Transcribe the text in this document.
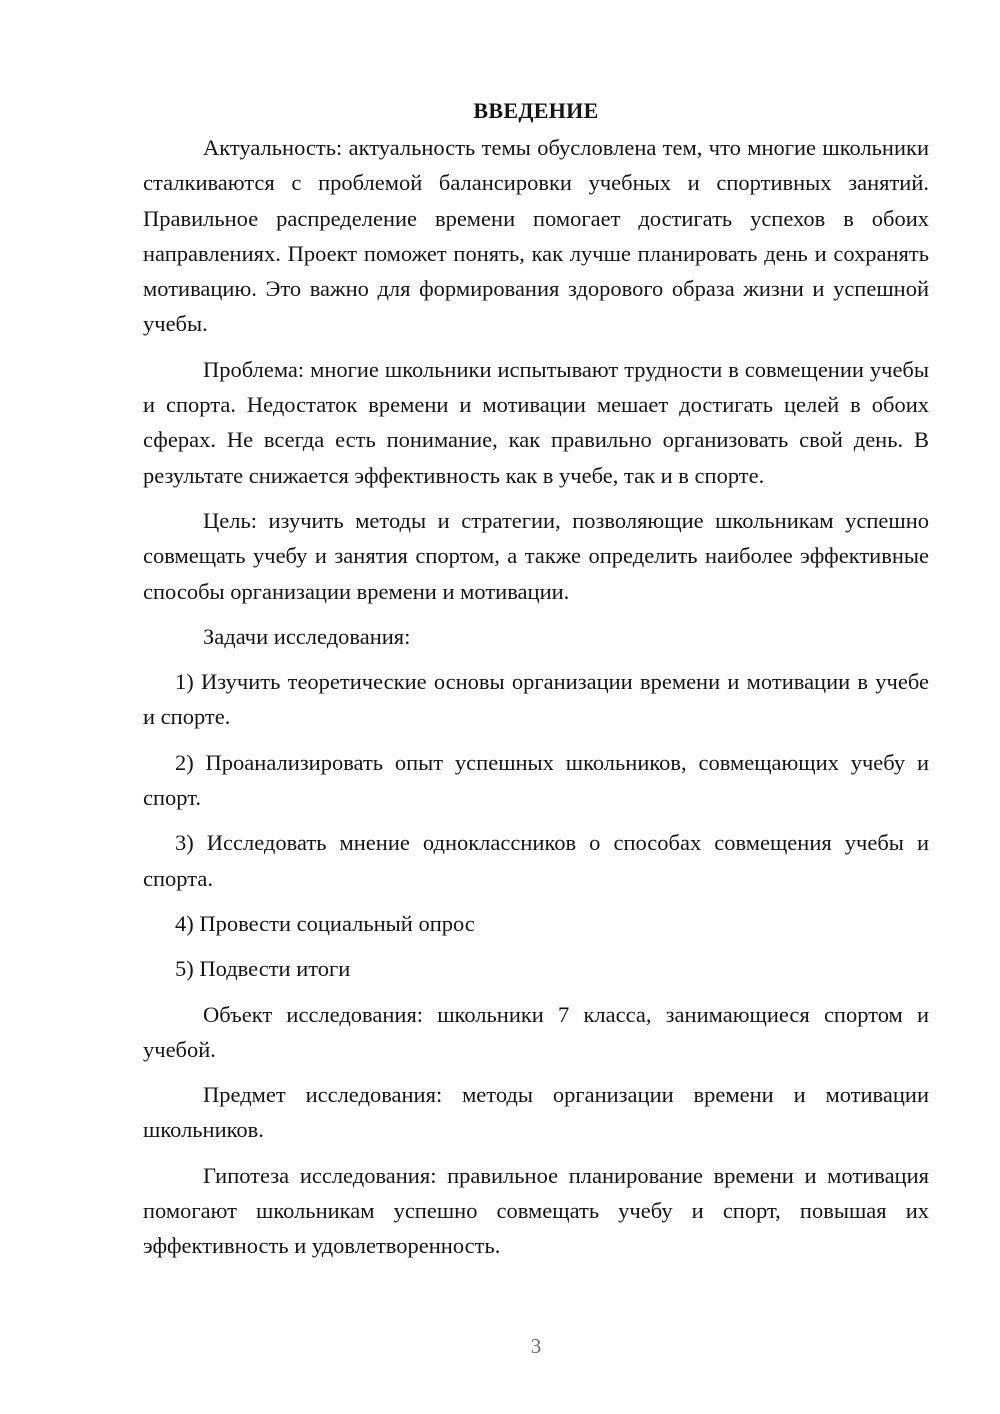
ВВЕДЕНИЕ

Актуальность: актуальность темы обусловлена тем, что многие школьники сталкиваются с проблемой балансировки учебных и спортивных занятий. Правильное распределение времени помогает достигать успехов в обоих направлениях. Проект поможет понять, как лучше планировать день и сохранять мотивацию. Это важно для формирования здорового образа жизни и успешной учебы.

Проблема: многие школьники испытывают трудности в совмещении учебы и спорта. Недостаток времени и мотивации мешает достигать целей в обоих сферах. Не всегда есть понимание, как правильно организовать свой день. В результате снижается эффективность как в учебе, так и в спорте.

Цель: изучить методы и стратегии, позволяющие школьникам успешно совмещать учебу и занятия спортом, а также определить наиболее эффективные способы организации времени и мотивации.

Задачи исследования:

1) Изучить теоретические основы организации времени и мотивации в учебе и спорте.

2) Проанализировать опыт успешных школьников, совмещающих учебу и спорт.

3) Исследовать мнение одноклассников о способах совмещения учебы и спорта.

4) Провести социальный опрос

5) Подвести итоги

Объект исследования: школьники 7 класса, занимающиеся спортом и учебой.

Предмет исследования: методы организации времени и мотивации школьников.

Гипотеза исследования: правильное планирование времени и мотивация помогают школьникам успешно совмещать учебу и спорт, повышая их эффективность и удовлетворенность.

3
